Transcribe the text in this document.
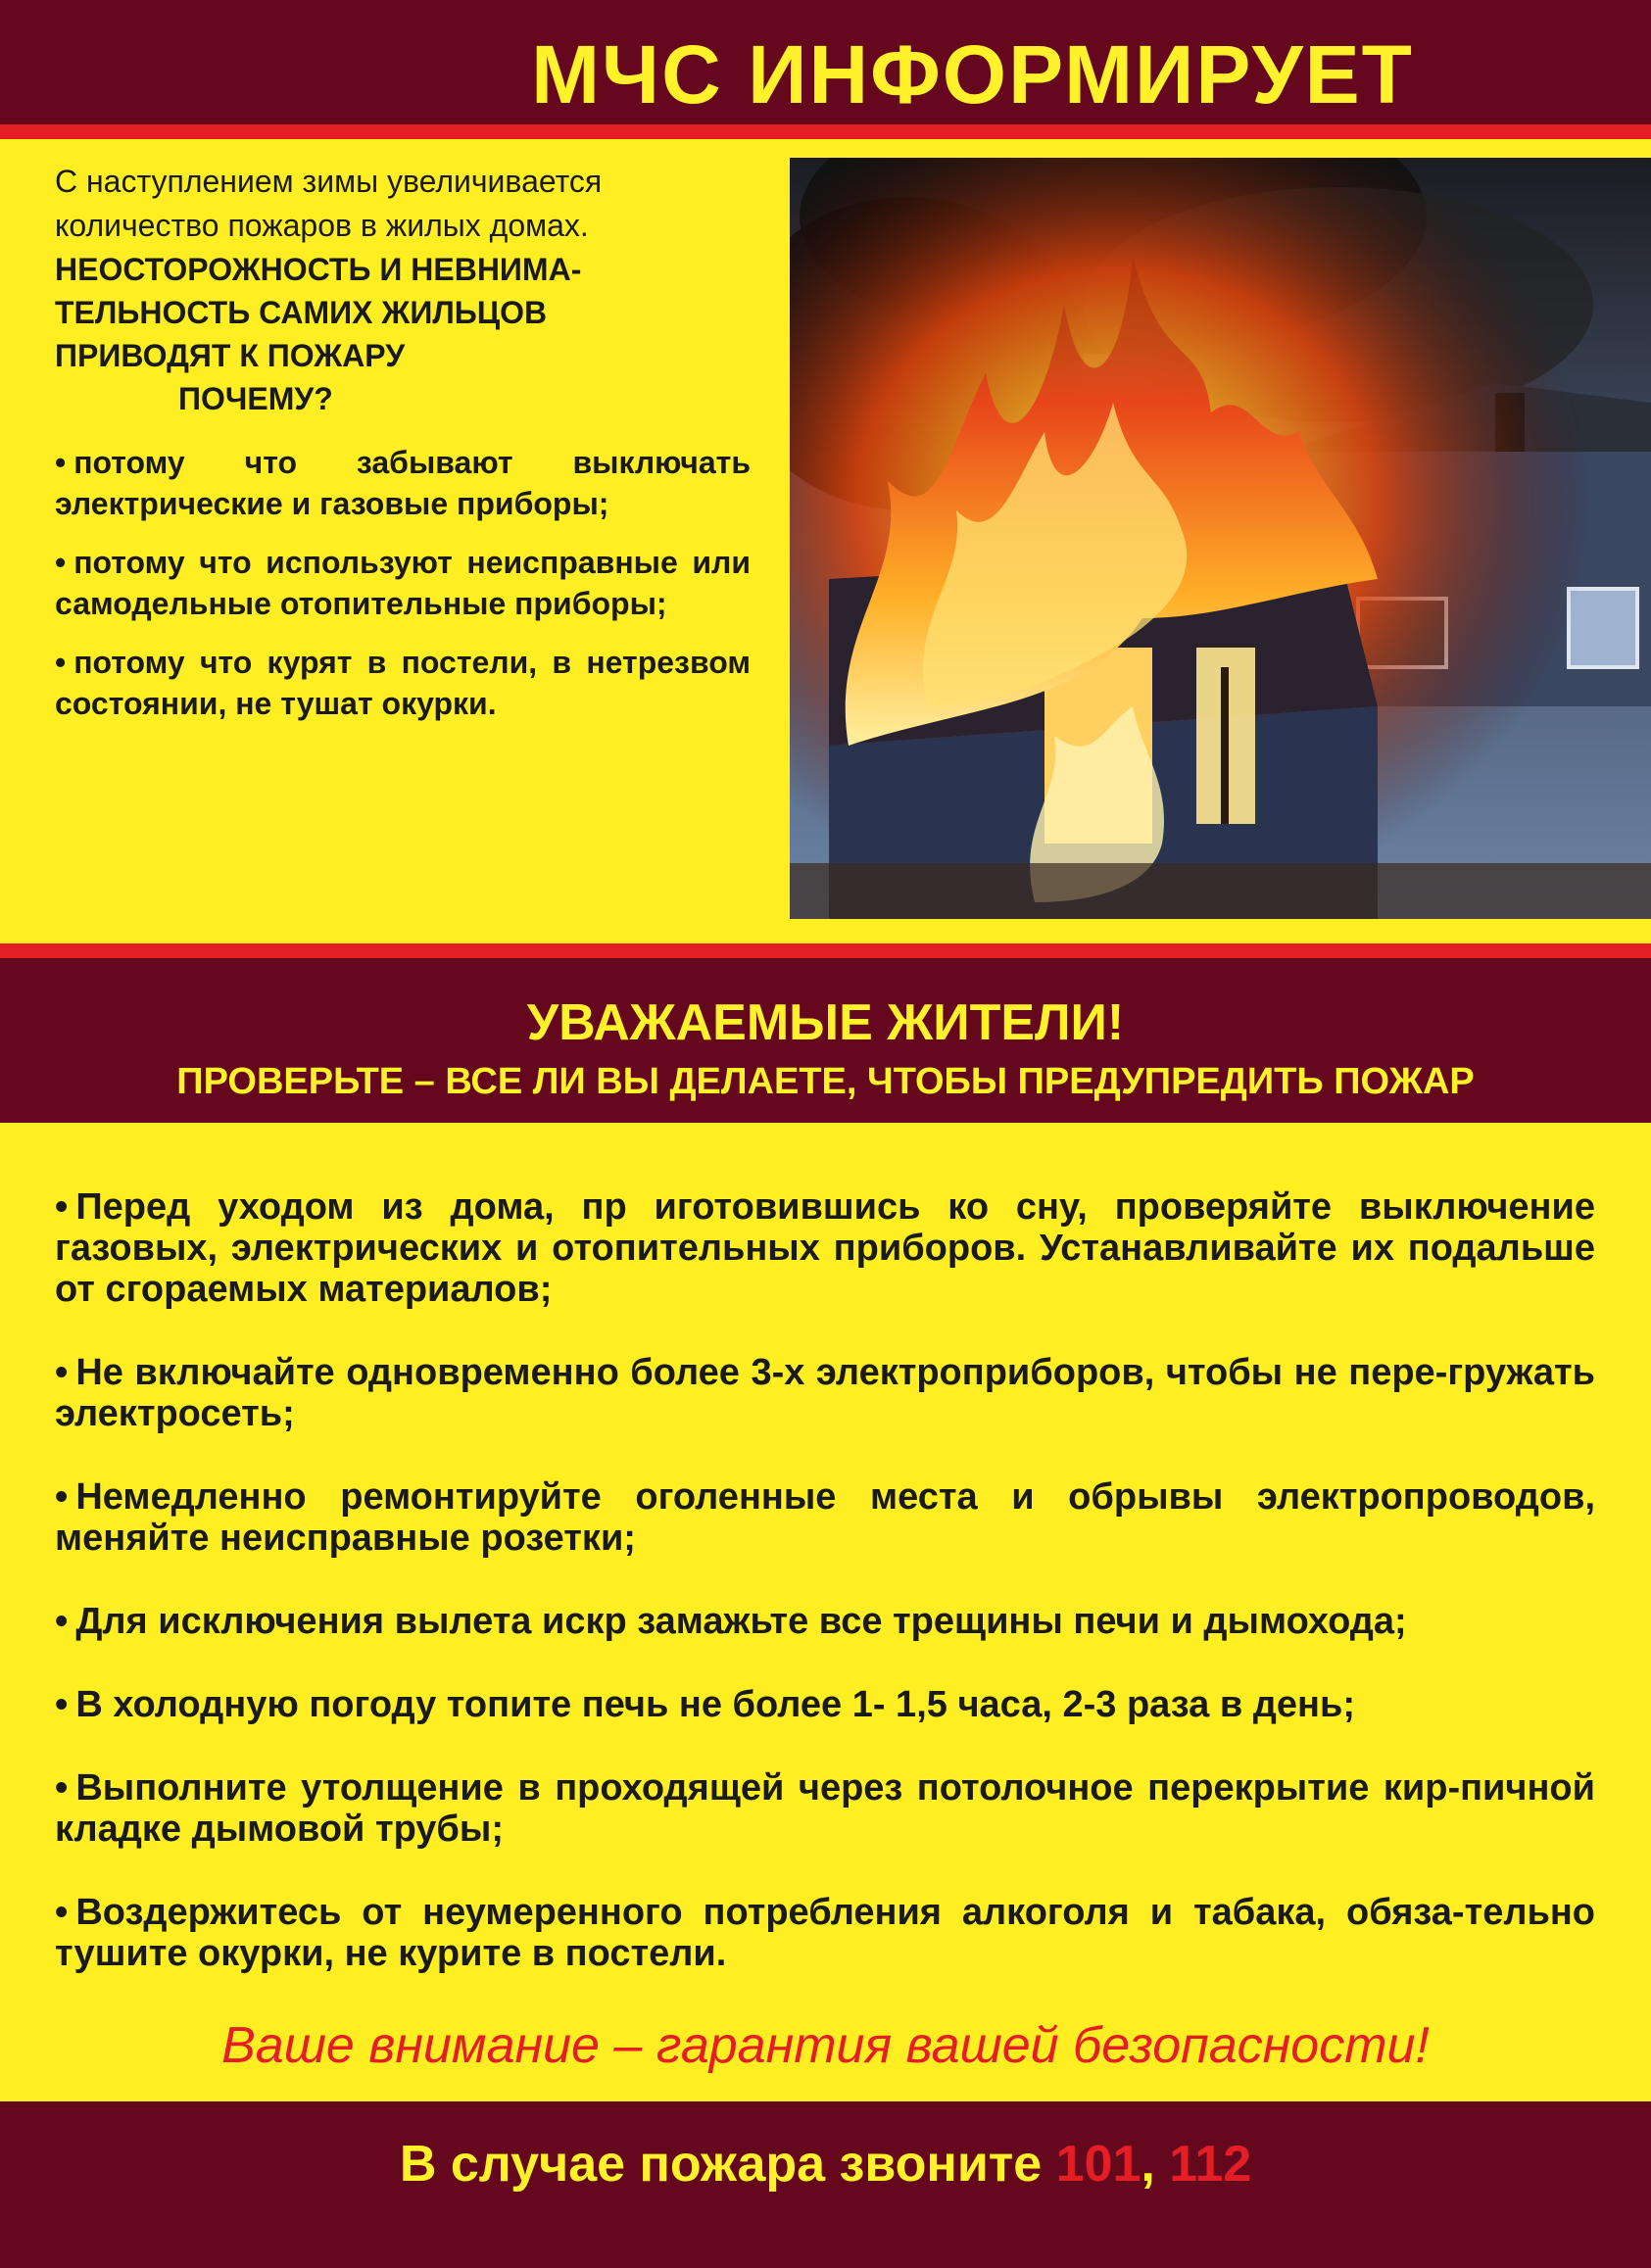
МЧС ИНФОРМИРУЕТ
С наступлением зимы увеличивается
количество пожаров в жилых домах.
НЕОСТОРОЖНОСТЬ И НЕВНИМА-
ТЕЛЬНОСТЬ САМИХ ЖИЛЬЦОВ
ПРИВОДЯТ К ПОЖАРУ
ПОЧЕМУ?
• потому что забывают выключать электрические и газовые приборы;
• потому что используют неисправные или самодельные отопительные приборы;
• потому что курят в постели, в нетрезвом состоянии, не тушат окурки.
УВАЖАЕМЫЕ ЖИТЕЛИ!
ПРОВЕРЬТЕ – ВСЕ ЛИ ВЫ ДЕЛАЕТЕ, ЧТОБЫ ПРЕДУПРЕДИТЬ ПОЖАР
• Перед уходом из дома, пр иготовившись ко сну, проверяйте выключение газовых, электрических и отопительных приборов. Устанавливайте их подальше от сгораемых материалов;
• Не включайте одновременно более 3-х электроприборов, чтобы не пере-гружать электросеть;
• Немедленно ремонтируйте оголенные места и обрывы электропроводов, меняйте неисправные розетки;
• Для исключения вылета искр замажьте все трещины печи и дымохода;
• В холодную погоду топите печь не более 1- 1,5 часа, 2-3 раза в день;
• Выполните утолщение в проходящей через потолочное перекрытие кир-пичной кладке дымовой трубы;
• Воздержитесь от неумеренного потребления алкоголя и табака, обяза-тельно тушите окурки, не курите в постели.
Ваше внимание – гарантия вашей безопасности!
В случае пожара звоните 101, 112
